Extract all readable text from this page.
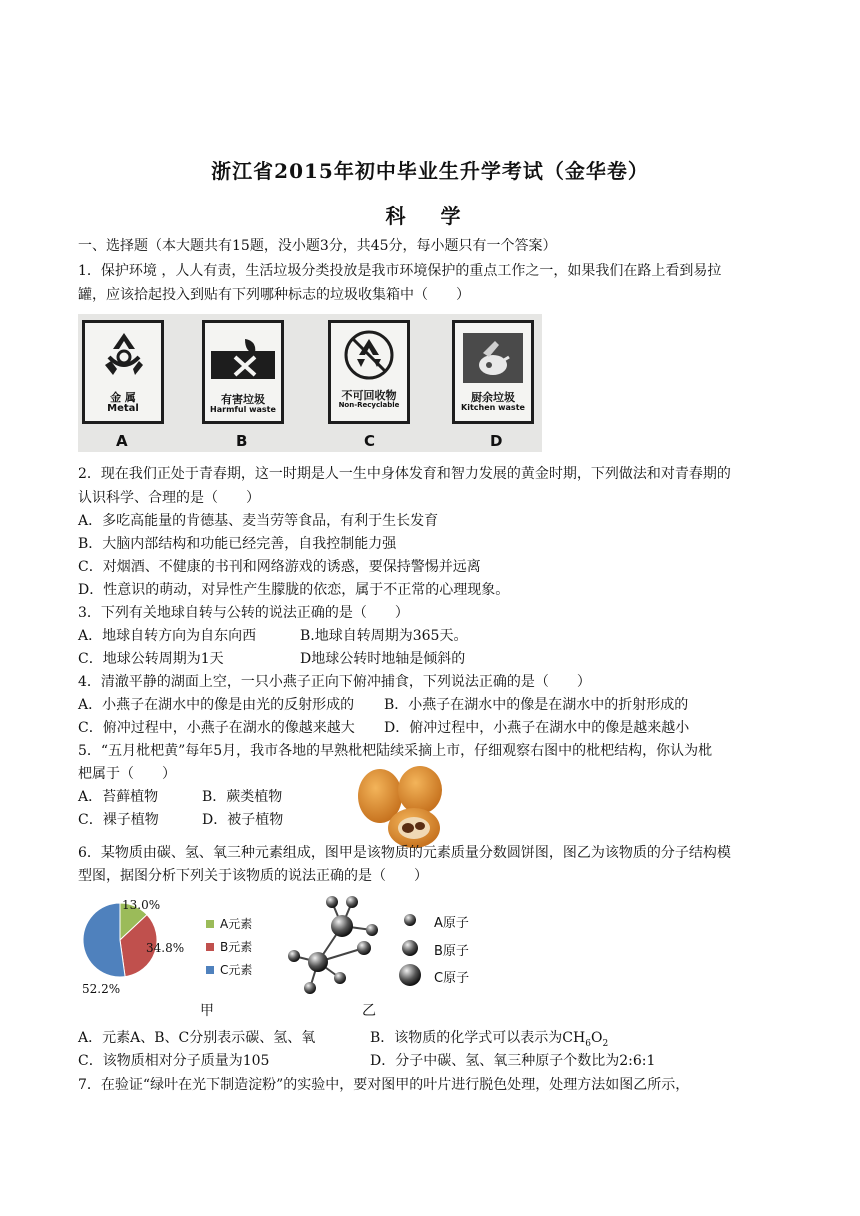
浙江省2015年初中毕业生升学考试（金华卷）
科 学
一、选择题（本大题共有15题，没小题3分，共45分，每小题只有一个答案）
1．保护环境 ，人人有责，生活垃圾分类投放是我市环境保护的重点工作之一，如果我们在路上看到易拉
罐，应该拾起投入到贴有下列哪种标志的垃圾收集箱中（　　）
金 属
Metal
A
有害垃圾
Harmful waste
B
不可回收物
Non-Recyclable
C
厨余垃圾
Kitchen waste
D
2．现在我们正处于青春期，这一时期是人一生中身体发育和智力发展的黄金时期，下列做法和对青春期的
认识科学、合理的是（　　）
A．多吃高能量的肯德基、麦当劳等食品，有利于生长发育
B．大脑内部结构和功能已经完善，自我控制能力强
C．对烟酒、不健康的书刊和网络游戏的诱惑，要保持警惕并远离
D．性意识的萌动，对异性产生朦胧的依恋，属于不正常的心理现象。
3．下列有关地球自转与公转的说法正确的是（　　）
A．地球自转方向为自东向西	B.地球自转周期为365天。
C．地球公转周期为1天	D地球公转时地轴是倾斜的
4．清澈平静的湖面上空，一只小燕子正向下俯冲捕食，下列说法正确的是（　　）
A．小燕子在湖水中的像是由光的反射形成的 B．小燕子在湖水中的像是在湖水中的折射形成的
C．俯冲过程中，小燕子在湖水的像越来越大 D．俯冲过程中，小燕子在湖水中的像是越来越小
5．“五月枇杷黄”每年5月，我市各地的早熟枇杷陆续采摘上市，仔细观察右图中的枇杷结构，你认为枇
杷属于（　　）
A．苔藓植物	B．蕨类植物
C．裸子植物	D．被子植物
6．某物质由碳、氢、氧三种元素组成，图甲是该物质的元素质量分数圆饼图，图乙为该物质的分子结构模
型图，据图分析下列关于该物质的说法正确的是（　　）
13.0%
34.8%
52.2%
A元素
B元素
C元素
甲	乙
A原子
B原子
C原子
A．元素A、B、C分别表示碳、氢、氧	B．该物质的化学式可以表示为$CH_6O_2$
C．该物质相对分子质量为105	D．分子中碳、氢、氧三种原子个数比为2:6:1
7．在验证“绿叶在光下制造淀粉”的实验中，要对图甲的叶片进行脱色处理，处理方法如图乙所示，
